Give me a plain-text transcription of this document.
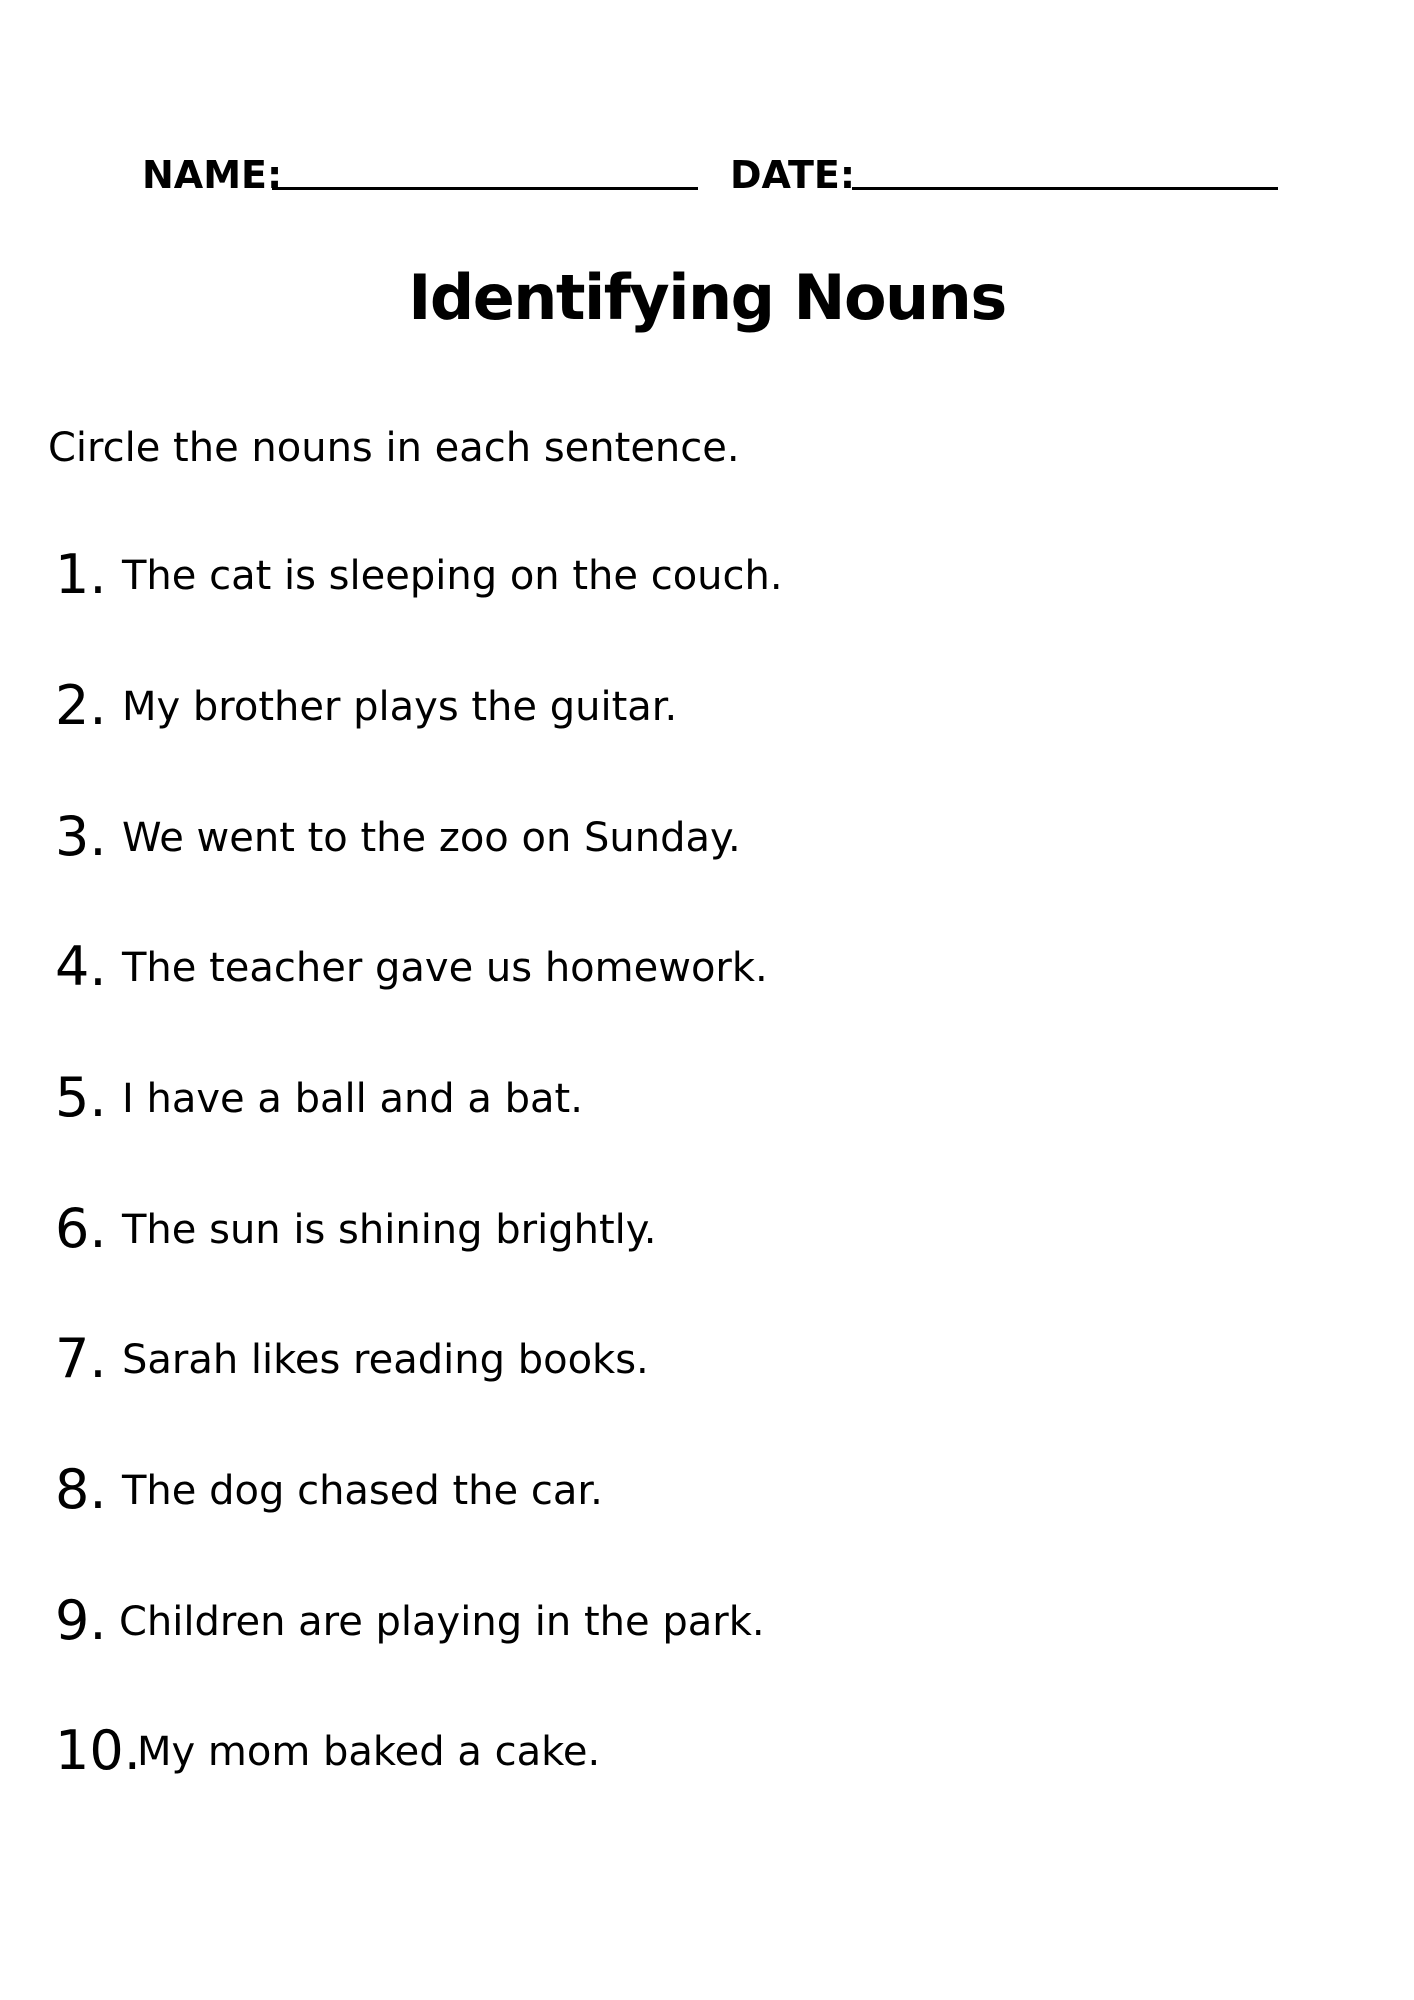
NAME:	DATE:
Identifying Nouns
Circle the nouns in each sentence.
1. The cat is sleeping on the couch.
2. My brother plays the guitar.
3. We went to the zoo on Sunday.
4. The teacher gave us homework.
5. I have a ball and a bat.
6. The sun is shining brightly.
7. Sarah likes reading books.
8. The dog chased the car.
9. Children are playing in the park.
10.
My mom baked a cake.
